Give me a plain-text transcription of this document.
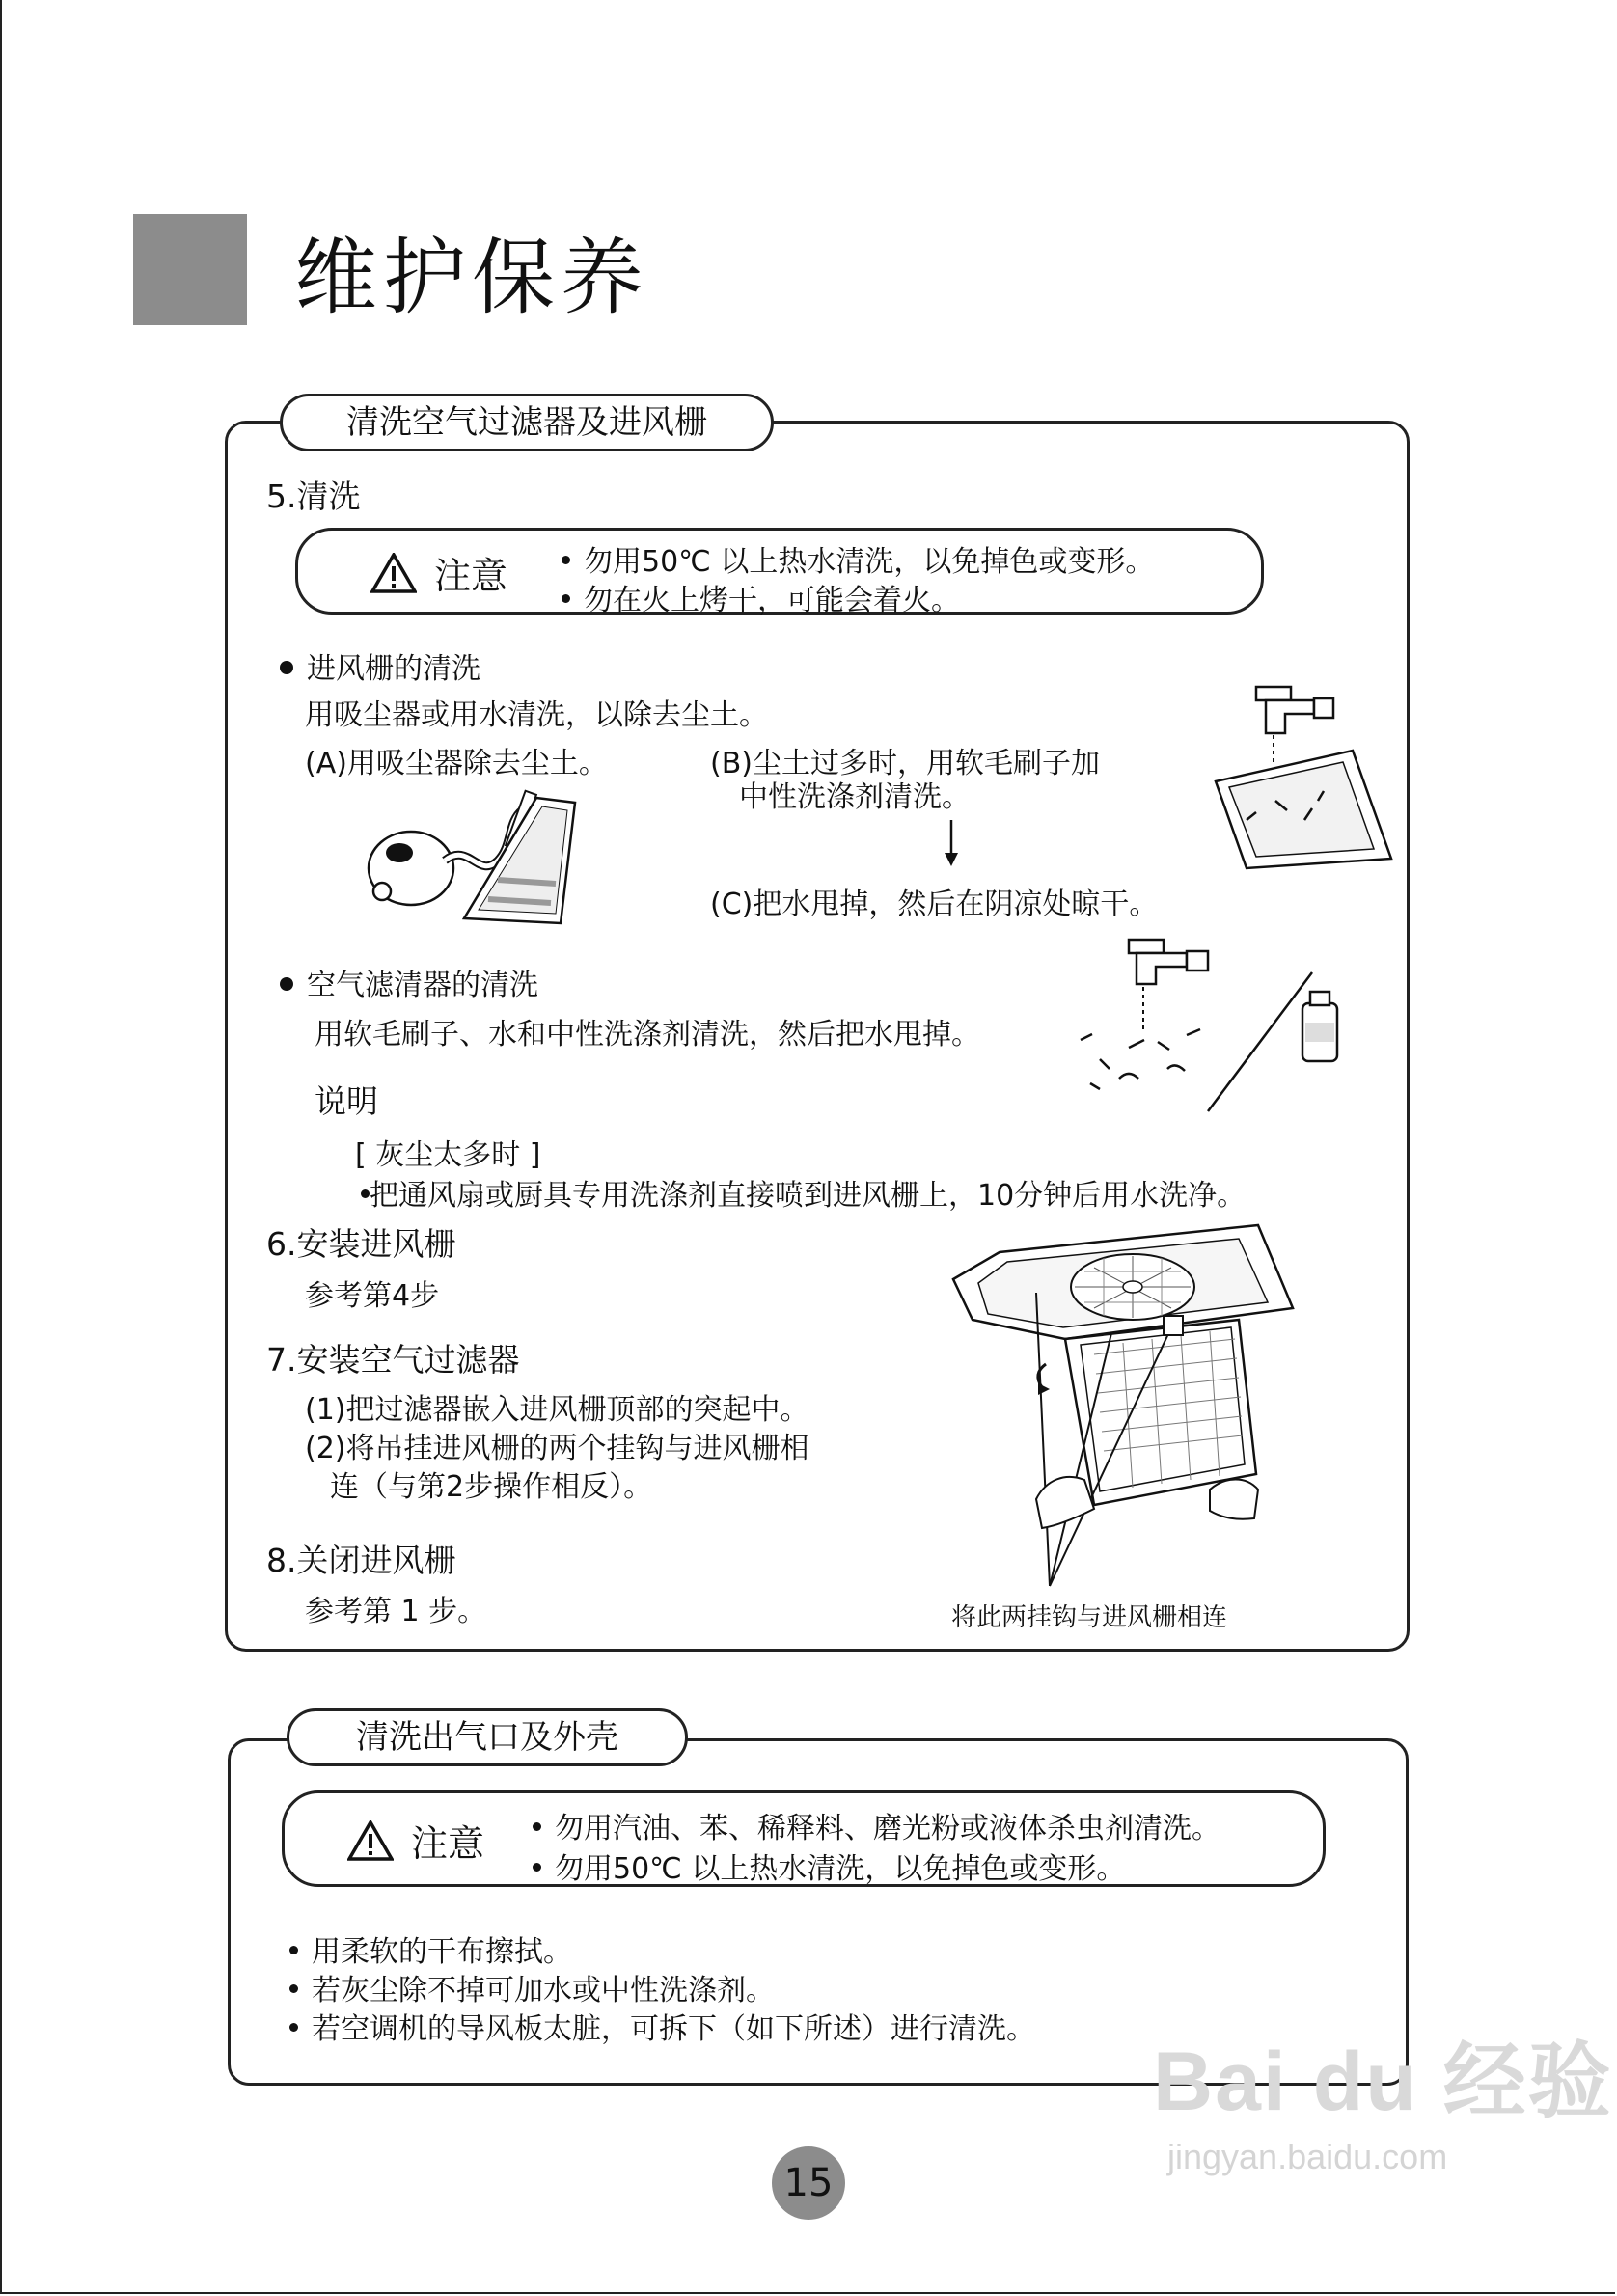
维护保养
清洗空气过滤器及进风栅
5.清洗
注意	勿用50℃ 以上热水清洗，以免掉色或变形。
勿在火上烤干，可能会着火。
进风栅的清洗
用吸尘器或用水清洗，以除去尘土。
(A)用吸尘器除去尘土。	(B)尘土过多时，用软毛刷子加
中性洗涤剂清洗。
(C)把水甩掉，然后在阴凉处晾干。
空气滤清器的清洗
用软毛刷子、水和中性洗涤剂清洗，然后把水甩掉。
说明
[ 灰尘太多时 ]
把通风扇或厨具专用洗涤剂直接喷到进风栅上，10分钟后用水洗净。
6.安装进风栅
参考第4步
7.安装空气过滤器
(1)把过滤器嵌入进风栅顶部的突起中。
(2)将吊挂进风栅的两个挂钩与进风栅相
连（与第2步操作相反）。
8.关闭进风栅
参考第 1 步。	将此两挂钩与进风栅相连
清洗出气口及外壳
注意	勿用汽油、苯、稀释料、磨光粉或液体杀虫剂清洗。
勿用50℃ 以上热水清洗，以免掉色或变形。
用柔软的干布擦拭。
若灰尘除不掉可加水或中性洗涤剂。
若空调机的导风板太脏，可拆下（如下所述）进行清洗。
Bai du 经验
jingyan.baidu.com
15
